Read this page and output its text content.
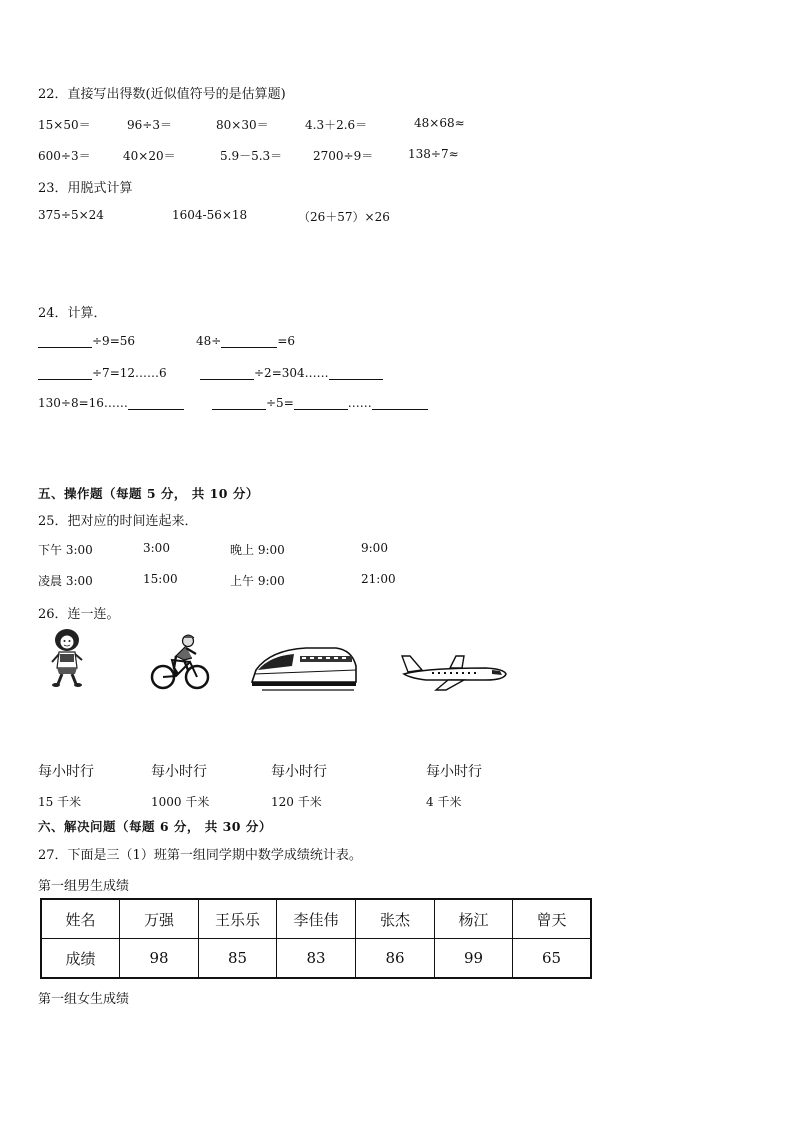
22．直接写出得数(近似值符号的是估算题)
15×50＝	96÷3＝	80×30＝	4.3＋2.6＝	48×68≈
600÷3＝	40×20＝	5.9－5.3＝	2700÷9＝	138÷7≈
23．用脱式计算
375÷5×24	1604-56×18	（26＋57）×26
24．计算．
÷9=56	48÷	=6
÷7=12……6	÷2=304……
130÷8=16……	÷5=	……
五、操作题（每题 5 分， 共 10 分）
25．把对应的时间连起来．
下午 3:00	3:00	晚上 9:00	9:00
凌晨 3:00	15:00	上午 9:00	21:00
26．连一连。
每小时行	每小时行	每小时行	每小时行
15 千米	1000 千米	120 千米	4 千米
六、解决问题（每题 6 分， 共 30 分）
27．下面是三（1）班第一组同学期中数学成绩统计表。
第一组男生成绩
姓名	万强	王乐乐	李佳伟	张杰	杨江	曾天
成绩	98	85	83	86	99	65
第一组女生成绩
